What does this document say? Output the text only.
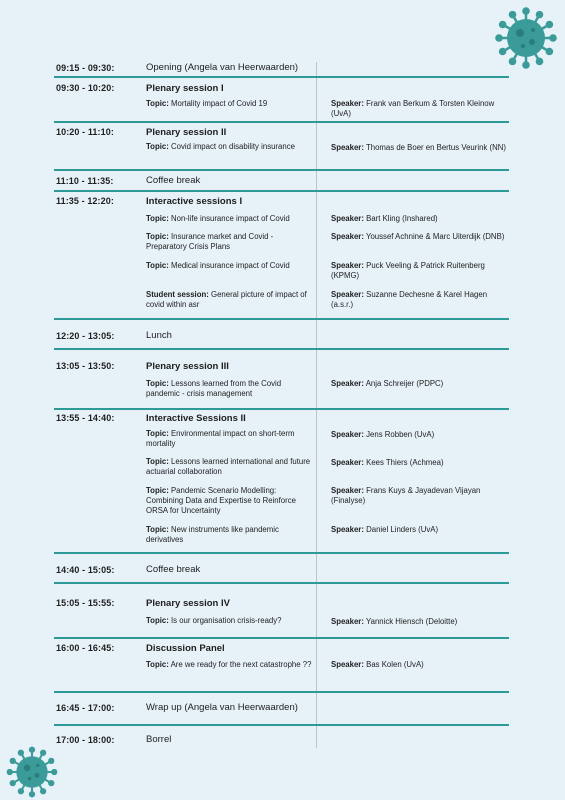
09:15 - 09:30:	Opening (Angela van Heerwaarden)
09:30 - 10:20:	Plenary session I
Topic: Mortality impact of Covid 19	Speaker: Frank van Berkum & Torsten Kleinow (UvA)
10:20 - 11:10:	Plenary session II
Topic: Covid impact on disability insurance	Speaker: Thomas de Boer en Bertus Veurink (NN)
11:10 - 11:35:	Coffee break
11:35 - 12:20:	Interactive sessions I
Topic: Non-life insurance impact of Covid	Speaker: Bart Kling (Inshared)
Topic: Insurance market and Covid - Preparatory Crisis Plans
Speaker: Youssef Achnine & Marc Uiterdijk (DNB)
Topic: Medical insurance impact of Covid	Speaker: Puck Veeling & Patrick Ruitenberg (KPMG)
Student session: General picture of impact of covid within asr
Speaker: Suzanne Dechesne & Karel Hagen (a.s.r.)
12:20 - 13:05:	Lunch
13:05 - 13:50:	Plenary session III
Topic: Lessons learned from the Covid pandemic - crisis management
Speaker: Anja Schreijer (PDPC)
13:55 - 14:40:	Interactive Sessions II
Topic: Environmental impact on short-term mortality
Speaker: Jens Robben (UvA)
Topic: Lessons learned international and future actuarial collaboration
Speaker: Kees Thiers (Achmea)
Topic: Pandemic Scenario Modelling: Combining Data and Expertise to Reinforce ORSA for Uncertainty
Speaker: Frans Kuys & Jayadevan Vijayan (Finalyse)
Topic: New instruments like pandemic derivatives
Speaker: Daniel Linders (UvA)
14:40 - 15:05:	Coffee break
15:05 - 15:55:	Plenary session IV
Topic: Is our organisation crisis-ready?	Speaker: Yannick Hiensch (Deloitte)
16:00 - 16:45:	Discussion Panel
Topic: Are we ready for the next catastrophe ??	Speaker: Bas Kolen (UvA)
16:45 - 17:00:	Wrap up (Angela van Heerwaarden)
17:00 - 18:00:	Borrel
